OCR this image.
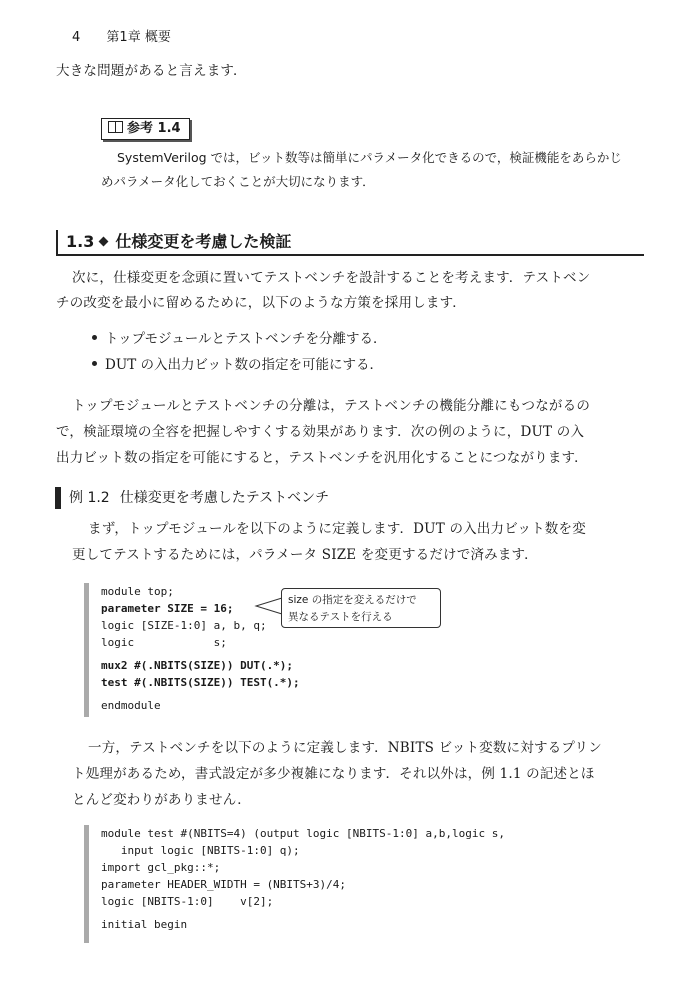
4 第1章 概要
大きな問題があると言えます．
参考 1.4
SystemVerilog では，ビット数等は簡単にパラメータ化できるので，検証機能をあらかじ
めパラメータ化しておくことが大切になります．
1.3 仕様変更を考慮した検証
次に，仕様変更を念頭に置いてテストベンチを設計することを考えます．テストベン
チの改変を最小に留めるために，以下のような方策を採用します．
トップモジュールとテストベンチを分離する．
DUT の入出力ビット数の指定を可能にする．
トップモジュールとテストベンチの分離は，テストベンチの機能分離にもつながるの
で，検証環境の全容を把握しやすくする効果があります．次の例のように，DUT の入
出力ビット数の指定を可能にすると，テストベンチを汎用化することにつながります．
例 1.2 仕様変更を考慮したテストベンチ
まず，トップモジュールを以下のように定義します．DUT の入出力ビット数を変
更してテストするためには，パラメータ SIZE を変更するだけで済みます．
module top;
parameter SIZE = 16;
logic [SIZE-1:0] a, b, q;
logic            s;
mux2 #(.NBITS(SIZE)) DUT(.*);
test #(.NBITS(SIZE)) TEST(.*);
endmodule
size の指定を変えるだけで
異なるテストを行える
一方，テストベンチを以下のように定義します．NBITS ビット変数に対するプリン
ト処理があるため，書式設定が多少複雑になります．それ以外は，例 1.1 の記述とほ
とんど変わりがありません．
module test #(NBITS=4) (output logic [NBITS-1:0] a,b,logic s,
input logic [NBITS-1:0] q);
import gcl_pkg::*;
parameter HEADER_WIDTH = (NBITS+3)/4;
logic [NBITS-1:0]    v[2];
initial begin
